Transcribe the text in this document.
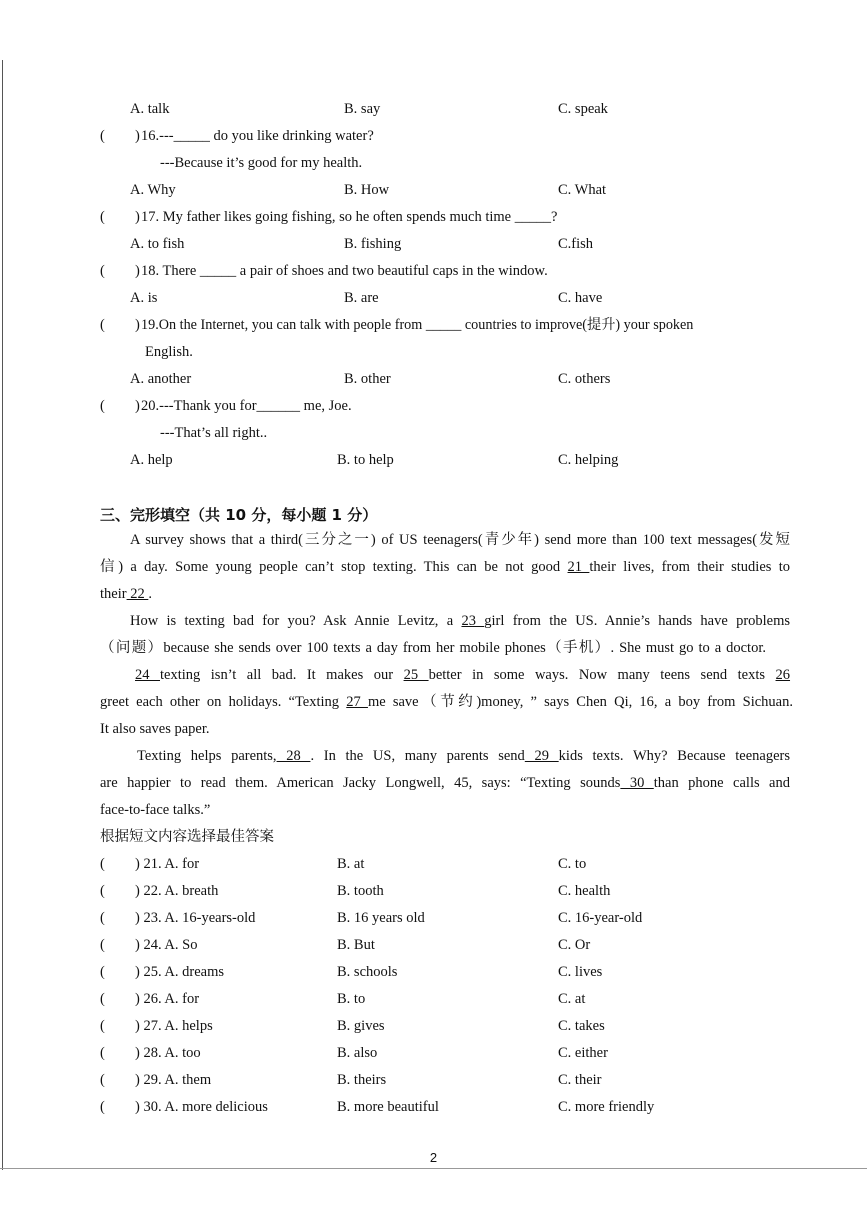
A. talk	B. say	C. speak
( ) 16.---_____ do you like drinking water?
---Because it’s good for my health.
A. Why	B. How	C. What
( ) 17. My father likes going fishing, so he often spends much time _____?
A. to fish	B. fishing	C.fish
( ) 18. There _____ a pair of shoes and two beautiful caps in the window.
A. is	B. are	C. have
( ) 19.On the Internet, you can talk with people from _____ countries to improve(提升) your spoken
English.
A. another	B. other	C. others
( ) 20.---Thank you for______ me, Joe.
---That’s all right..
A. help	B. to help	C. helping
三、完形填空（共 10 分，每小题 1 分）
A survey shows that a third(三分之一) of US teenagers(青少年) send more than 100 text messages(发短
信) a day. Some young people can’t stop texting. This can be not good 21 their lives, from their studies to
their 22 .
How is texting bad for you? Ask Annie Levitz, a 23 girl from the US. Annie’s hands have problems
（问题）because she sends over 100 texts a day from her mobile phones（手机）. She must go to a doctor.
24 texting isn’t all bad. It makes our 25 better in some ways. Now many teens send texts 26
greet each other on holidays. “Texting 27 me save（节约)money, ” says Chen Qi, 16, a boy from Sichuan.
It also saves paper.
Texting helps parents, 28 . In the US, many parents send 29 kids texts. Why? Because teenagers
are happier to read them. American Jacky Longwell, 45, says: “Texting sounds 30 than phone calls and
face-to-face talks.”
根据短文内容选择最佳答案
( ) 21. A. for	B. at	C. to
( ) 22. A. breath	B. tooth	C. health
( ) 23. A. 16-years-old	B. 16 years old	C. 16-year-old
( ) 24. A. So	B. But	C. Or
( ) 25. A. dreams	B. schools	C. lives
( ) 26. A. for	B. to	C. at
( ) 27. A. helps	B. gives	C. takes
( ) 28. A. too	B. also	C. either
( ) 29. A. them	B. theirs	C. their
( ) 30. A. more delicious	B. more beautiful	C. more friendly
2
